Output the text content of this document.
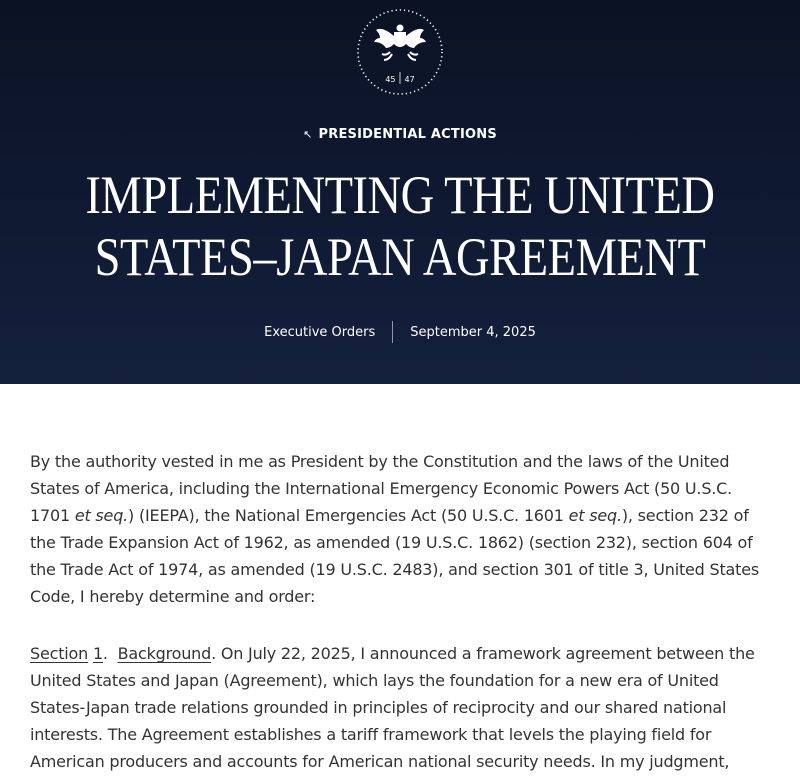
45 47
↖ PRESIDENTIAL ACTIONS
IMPLEMENTING THE UNITED
STATES–JAPAN AGREEMENT
Executive Orders	September 4, 2025

By the authority vested in me as President by the Constitution and the laws of the United States of America, including the International Emergency Economic Powers Act (50 U.S.C. 1701 et seq.) (IEEPA), the National Emergencies Act (50 U.S.C. 1601 et seq.), section 232 of the Trade Expansion Act of 1962, as amended (19 U.S.C. 1862) (section 232), section 604 of the Trade Act of 1974, as amended (19 U.S.C. 2483), and section 301 of title 3, United States Code, I hereby determine and order:

Section 1.  Background. On July 22, 2025, I announced a framework agreement between the United States and Japan (Agreement), which lays the foundation for a new era of United States-Japan trade relations grounded in principles of reciprocity and our shared national interests. The Agreement establishes a tariff framework that levels the playing field for American producers and accounts for American national security needs. In my judgment,
